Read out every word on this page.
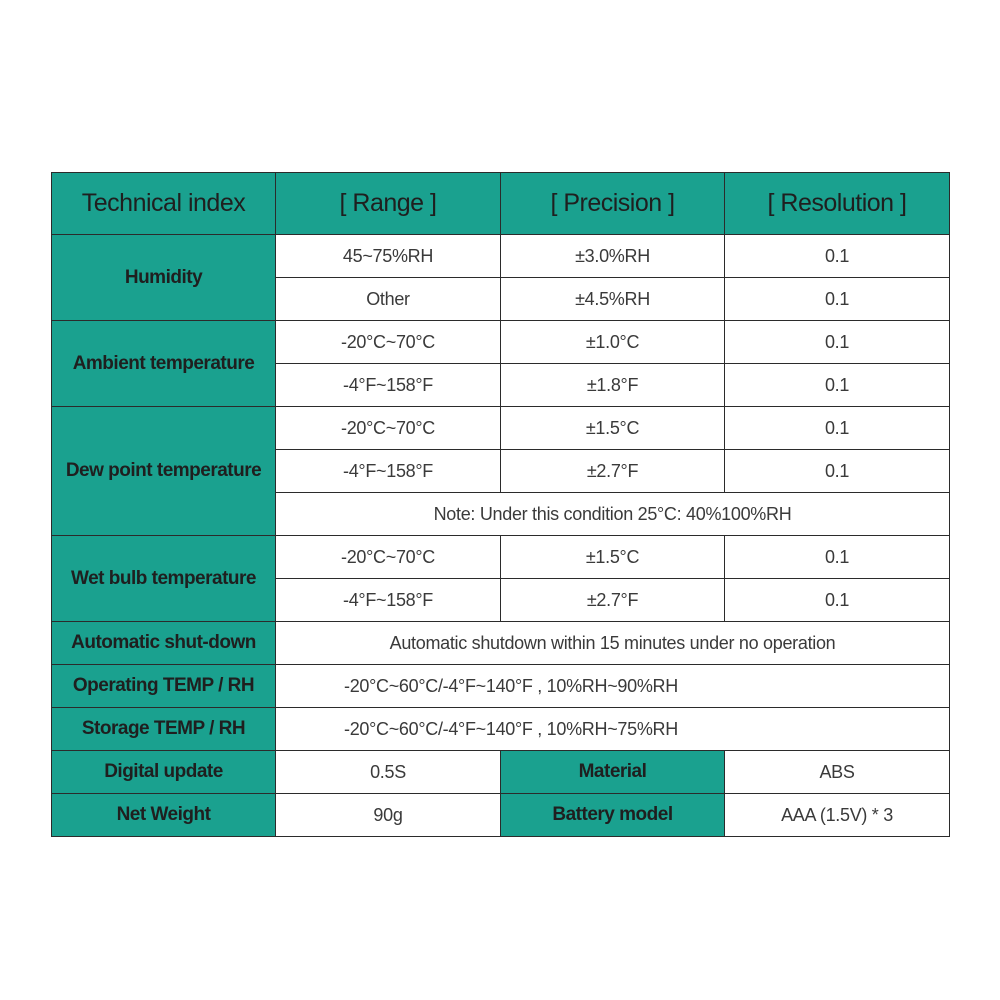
Technical index	[ Range ]	[ Precision ]	[ Resolution ]
Humidity	45~75%RH	±3.0%RH	0.1
	Other	±4.5%RH	0.1
Ambient temperature	-20°C~70°C	±1.0°C	0.1
	-4°F~158°F	±1.8°F	0.1
Dew point temperature	-20°C~70°C	±1.5°C	0.1
	-4°F~158°F	±2.7°F	0.1
	Note: Under this condition 25°C: 40%100%RH		
Wet bulb temperature	-20°C~70°C	±1.5°C	0.1
	-4°F~158°F	±2.7°F	0.1
Automatic shut-down	Automatic shutdown within 15 minutes under no operation		
Operating TEMP / RH	-20°C~60°C/-4°F~140°F , 10%RH~90%RH		
Storage TEMP / RH	-20°C~60°C/-4°F~140°F , 10%RH~75%RH		
Digital update	0.5S	Material	ABS
Net Weight	90g	Battery model	AAA (1.5V) * 3
